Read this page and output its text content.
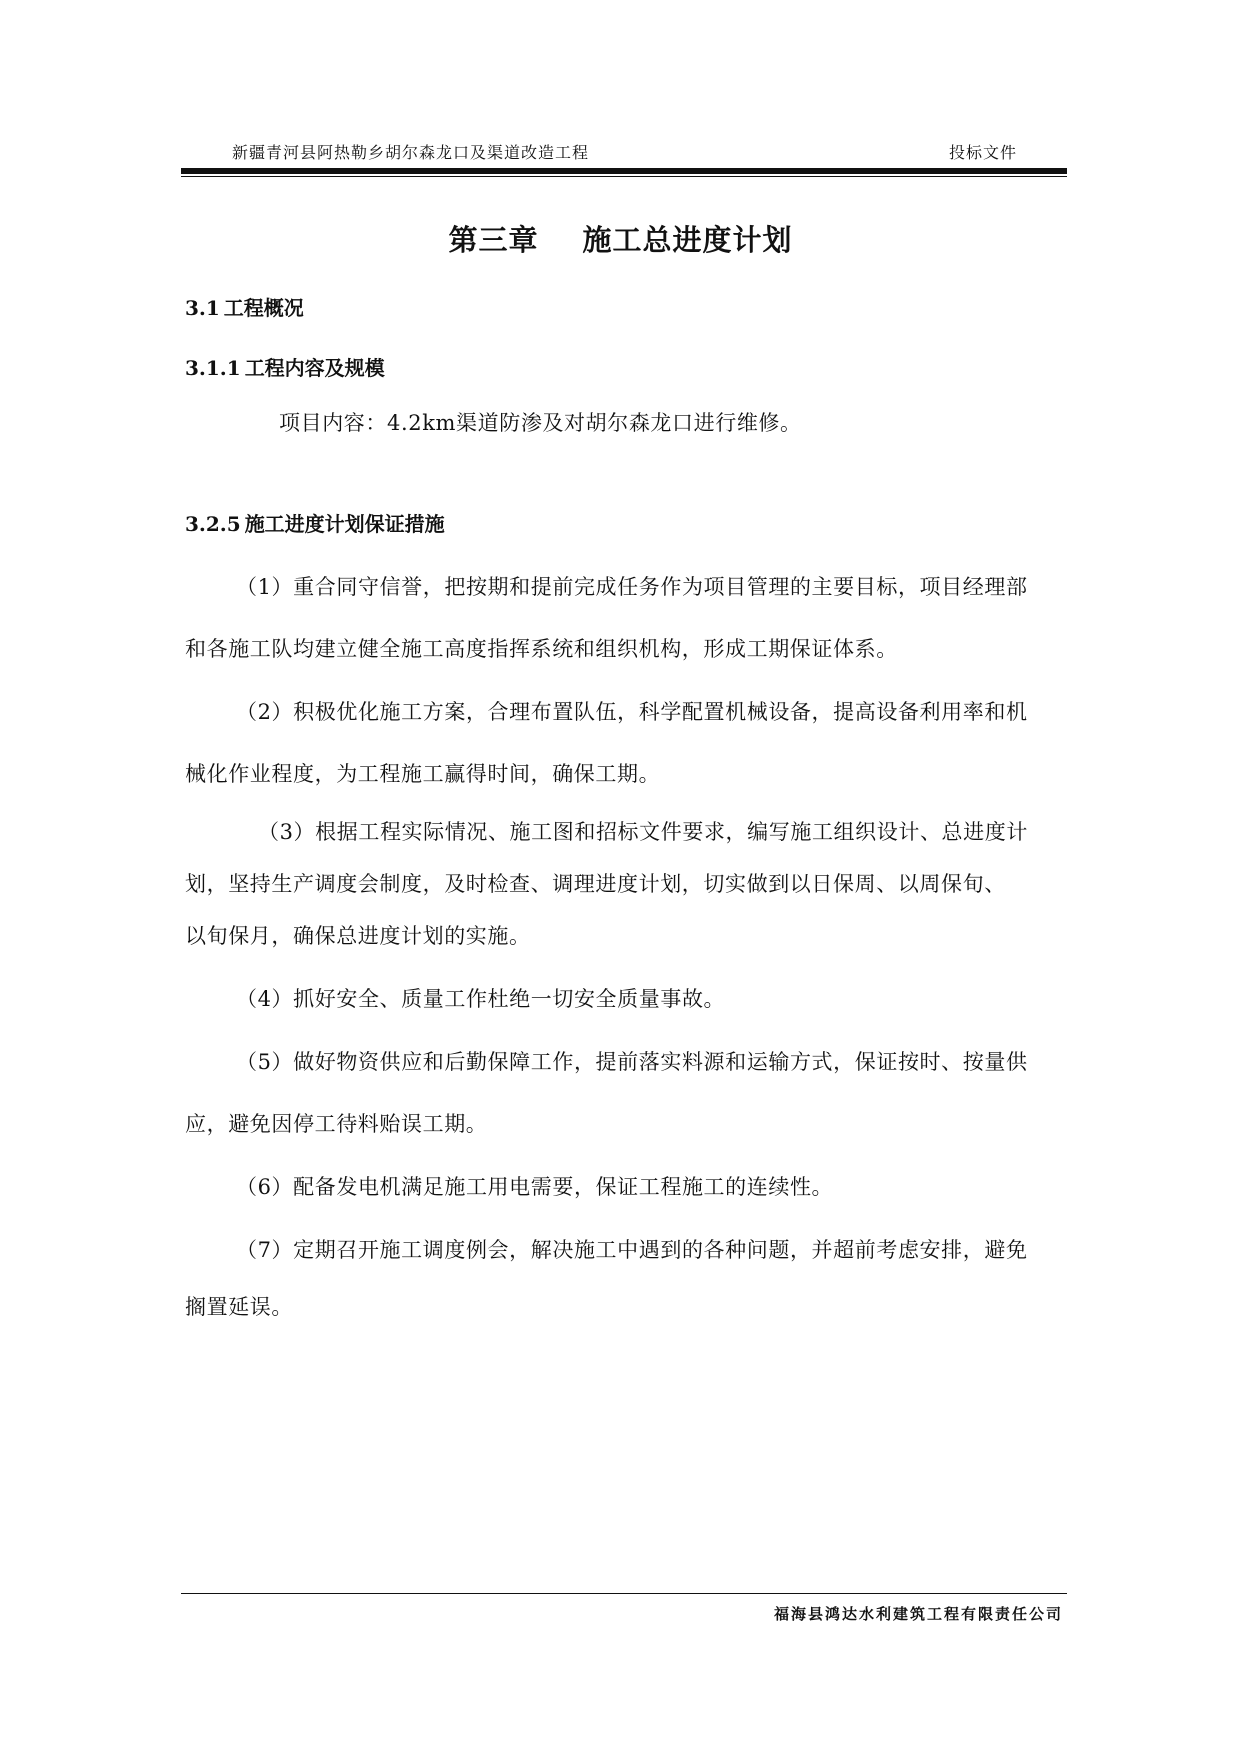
新疆青河县阿热勒乡胡尔森龙口及渠道改造工程	投标文件
第三章 施工总进度计划
3.1 工程概况
3.1.1 工程内容及规模
项目内容：4.2km渠道防渗及对胡尔森龙口进行维修。
3.2.5 施工进度计划保证措施
（1）重合同守信誉，把按期和提前完成任务作为项目管理的主要目标，项目经理部
和各施工队均建立健全施工高度指挥系统和组织机构，形成工期保证体系。
（2）积极优化施工方案，合理布置队伍，科学配置机械设备，提高设备利用率和机
械化作业程度，为工程施工赢得时间，确保工期。
（3）根据工程实际情况、施工图和招标文件要求，编写施工组织设计、总进度计
划，坚持生产调度会制度，及时检查、调理进度计划，切实做到以日保周、以周保旬、
以旬保月，确保总进度计划的实施。
（4）抓好安全、质量工作杜绝一切安全质量事故。
（5）做好物资供应和后勤保障工作，提前落实料源和运输方式，保证按时、按量供
应，避免因停工待料贻误工期。
（6）配备发电机满足施工用电需要，保证工程施工的连续性。
（7）定期召开施工调度例会，解决施工中遇到的各种问题，并超前考虑安排，避免
搁置延误。
福海县鸿达水利建筑工程有限责任公司
